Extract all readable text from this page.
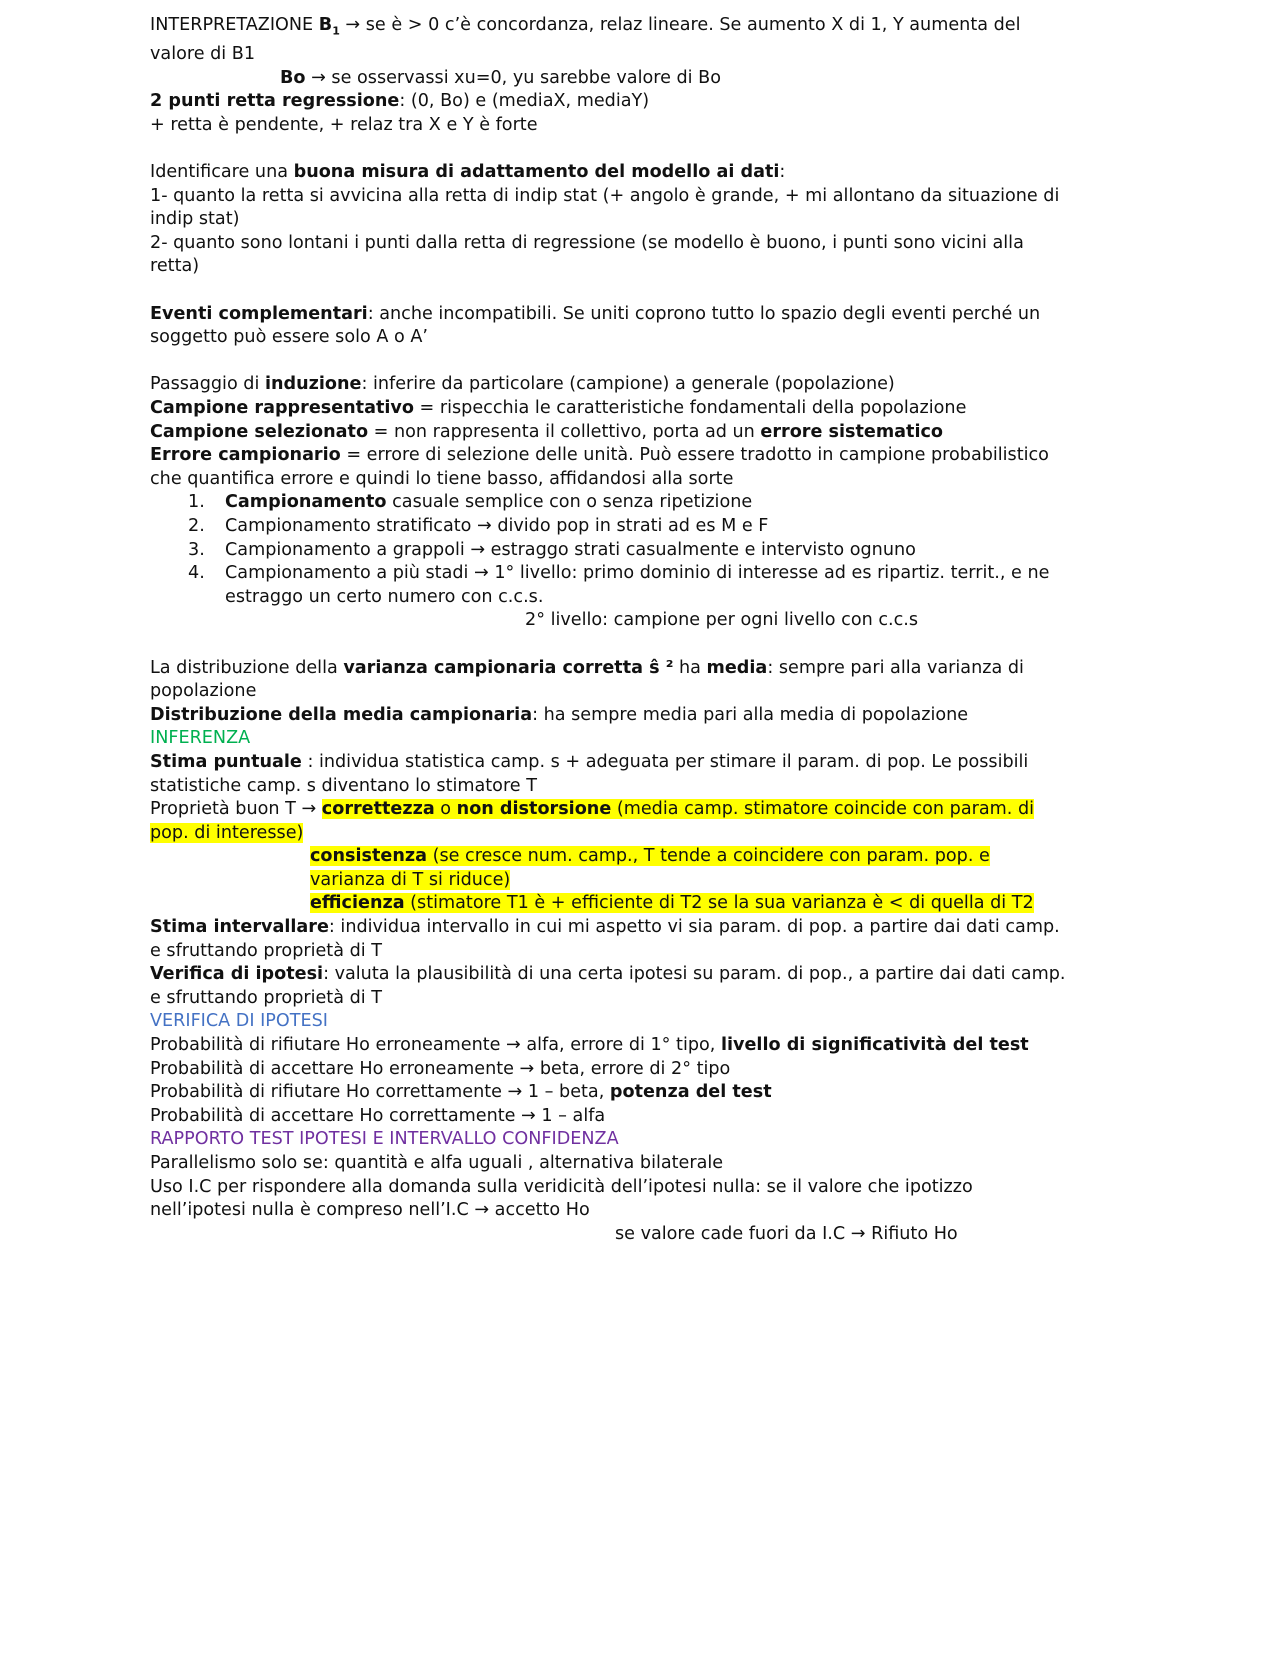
INTERPRETAZIONE $B_1$ → se è > 0 c’è concordanza, relaz lineare. Se aumento X di 1, Y aumenta del valore di B1

Bo → se osservassi xu=0, yu sarebbe valore di Bo

2 punti retta regressione: (0, Bo) e (mediaX, mediaY)

+ retta è pendente, + relaz tra X e Y è forte

Identificare una buona misura di adattamento del modello ai dati:

1- quanto la retta si avvicina alla retta di indip stat (+ angolo è grande, + mi allontano da situazione di indip stat)

2- quanto sono lontani i punti dalla retta di regressione (se modello è buono, i punti sono vicini alla retta)

Eventi complementari: anche incompatibili. Se uniti coprono tutto lo spazio degli eventi perché un soggetto può essere solo A o A’

Passaggio di induzione: inferire da particolare (campione) a generale (popolazione)

Campione rappresentativo = rispecchia le caratteristiche fondamentali della popolazione

Campione selezionato = non rappresenta il collettivo, porta ad un errore sistematico

Errore campionario = errore di selezione delle unità. Può essere tradotto in campione probabilistico che quantifica errore e quindi lo tiene basso, affidandosi alla sorte

1. Campionamento casuale semplice con o senza ripetizione
2. Campionamento stratificato → divido pop in strati ad es M e F
3. Campionamento a grappoli → estraggo strati casualmente e intervisto ognuno
4. Campionamento a più stadi → 1° livello: primo dominio di interesse ad es ripartiz. territ., e ne estraggo un certo numero con c.c.s.
2° livello: campione per ogni livello con c.c.s

La distribuzione della varianza campionaria corretta ŝ ² ha media: sempre pari alla varianza di popolazione

Distribuzione della media campionaria: ha sempre media pari alla media di popolazione

INFERENZA

Stima puntuale : individua statistica camp. s + adeguata per stimare il param. di pop. Le possibili statistiche camp. s diventano lo stimatore T

Proprietà buon T → correttezza o non distorsione (media camp. stimatore coincide con param. di pop. di interesse)

consistenza (se cresce num. camp., T tende a coincidere con param. pop. e varianza di T si riduce)

efficienza (stimatore T1 è + efficiente di T2 se la sua varianza è < di quella di T2

Stima intervallare: individua intervallo in cui mi aspetto vi sia param. di pop. a partire dai dati camp. e sfruttando proprietà di T

Verifica di ipotesi: valuta la plausibilità di una certa ipotesi su param. di pop., a partire dai dati camp. e sfruttando proprietà di T

VERIFICA DI IPOTESI

Probabilità di rifiutare Ho erroneamente → alfa, errore di 1° tipo, livello di significatività del test

Probabilità di accettare Ho erroneamente → beta, errore di 2° tipo

Probabilità di rifiutare Ho correttamente → 1 – beta, potenza del test

Probabilità di accettare Ho correttamente → 1 – alfa

RAPPORTO TEST IPOTESI E INTERVALLO CONFIDENZA

Parallelismo solo se: quantità e alfa uguali , alternativa bilaterale

Uso I.C per rispondere alla domanda sulla veridicità dell’ipotesi nulla: se il valore che ipotizzo nell’ipotesi nulla è compreso nell’I.C → accetto Ho

se valore cade fuori da I.C → Rifiuto Ho
